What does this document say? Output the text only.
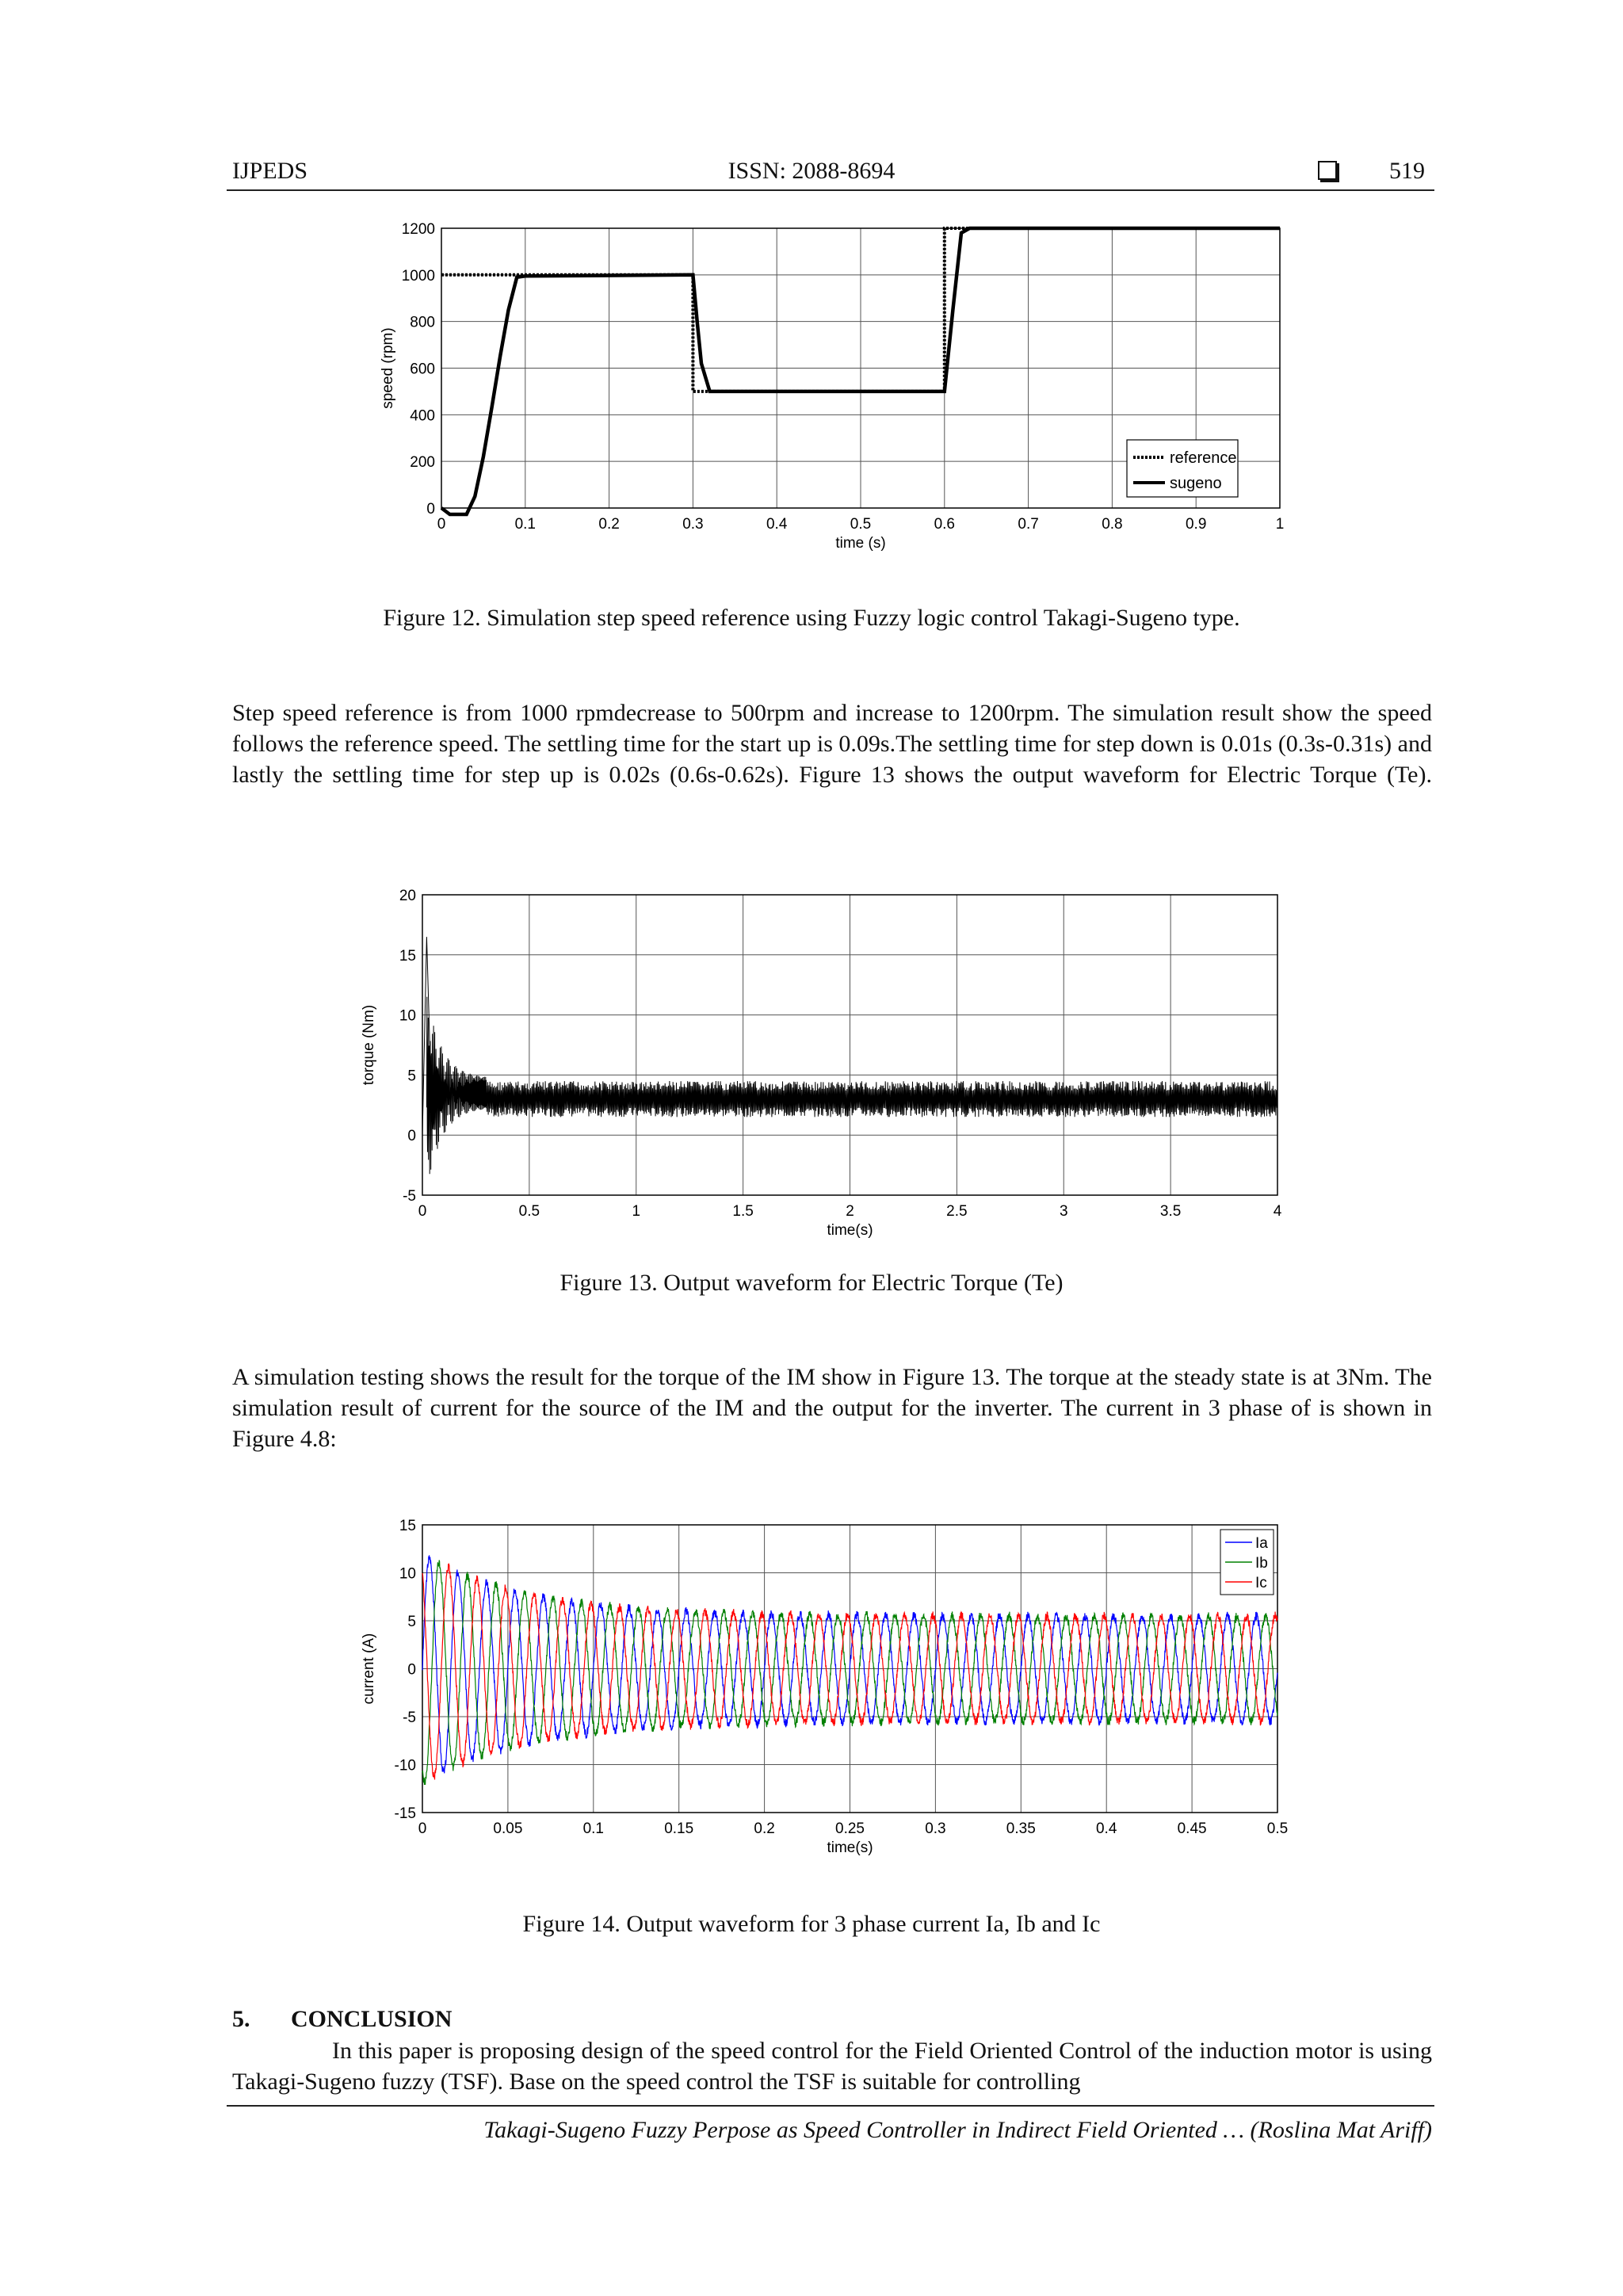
IJPEDS	ISSN: 2088-8694	519
0	0.1	0.2	0.3	0.4	0.5	0.6	0.7	0.8	0.9	1
0
200
400
600
800
1000
1200
time (s)
speed (rpm)
reference
sugeno
Figure 12. Simulation step speed reference using Fuzzy logic control Takagi-Sugeno type.
Step speed reference is from 1000 rpmdecrease to 500rpm and increase to 1200rpm. The simulation result show the speed follows the reference speed. The settling time for the start up is 0.09s.The settling time for step down is 0.01s (0.3s-0.31s) and lastly the settling time for step up is 0.02s (0.6s-0.62s). Figure 13 shows the output waveform for Electric Torque (Te).
0	0.5	1	1.5	2	2.5	3	3.5	4
-5
0
5
10
15
20
time(s)
torque (Nm)
Figure 13. Output waveform for Electric Torque (Te)
A simulation testing shows the result for the torque of the IM show in Figure 13. The torque at the steady state is at 3Nm. The simulation result of current for the source of the IM and the output for the inverter. The current in 3 phase of is shown in Figure 4.8:
0	0.05	0.1	0.15	0.2	0.25	0.3	0.35	0.4	0.45	0.5
-15
-10
-5
0
5
10
15
time(s)
current (A)
Ia
Ib
Ic
Figure 14. Output waveform for 3 phase current Ia, Ib and Ic
5. CONCLUSION
In this paper is proposing design of the speed control for the Field Oriented Control of the induction motor is using Takagi-Sugeno fuzzy (TSF). Base on the speed control the TSF is suitable for controlling
Takagi-Sugeno Fuzzy Perpose as Speed Controller in Indirect Field Oriented … (Roslina Mat Ariff)
